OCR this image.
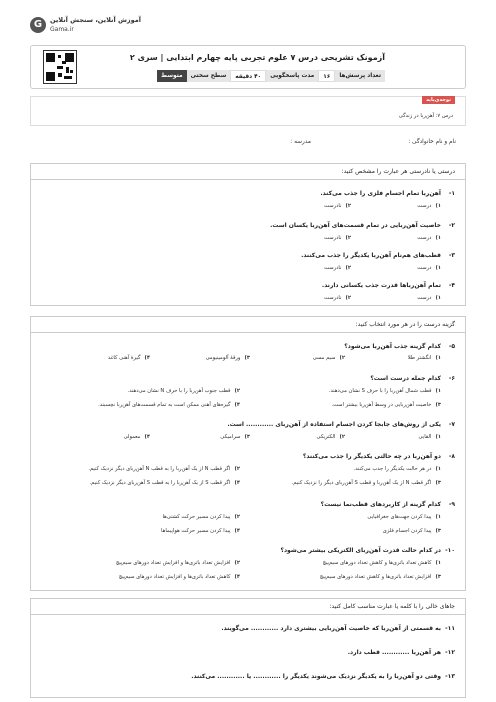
G	آموزش آنلاین، سنجش آنلاین
Gama.ir
آزمونک تشریحی درس ۷ علوم تجربی پایه چهارم ابتدایی | سری ۲
تعداد پرسش‌ها
۱۶
مدت پاسخگویی
۴۰ دقیقه
سطح سختی
متوسط
توجه‌ی‌پایه
درس ۷: آهن‌ربا در زندگی
نام و نام خانوادگی :
مدرسه :
درستی یا نادرستی هر عبارت را مشخص کنید:
۱-
آهن‌ربا تمام اجسام فلزی را جذب می‌کند.
۱)درست
۲)نادرست
۲-
خاصیت آهن‌ربایی در تمام قسمت‌های آهن‌ربا یکسان است.
۱)درست
۲)نادرست
۳-
قطب‌های هم‌نام آهن‌ربا یکدیگر را جذب می‌کنند.
۱)درست
۲)نادرست
۴-
تمام آهن‌رباها قدرت جذب یکسانی دارند.
۱)درست
۲)نادرست
گزینه درست را در هر مورد انتخاب کنید:
۵-
کدام گزینه جذب آهن‌ربا می‌شود؟
۱)انگشتر طلا
۲)سیم مسی
۳)ورقهٔ آلومینیومی
۴)گیرهٔ آهنی کاغذ
۶-
کدام جمله درست است؟
۱)قطب شمال آهن‌ربا را با حرف S نشان می‌دهند.
۲)قطب جنوب آهن‌ربا را با حرف N نشان می‌دهند.
۳)خاصیت آهن‌ربایی در وسط آهن‌ربا بیشتر است.
۴)گیره‌های آهنی ممکن است به تمام قسمت‌های آهن‌ربا نچسبند.
۷-
یکی از روش‌های جابجا کردن اجسام استفاده از آهن‌ربای ............ است.
۱)القایی
۲)الکتریکی
۳)سرامیکی
۴)معمولی
۸-
دو آهن‌ربا در چه حالتی یکدیگر را جذب می‌کنند؟
۱)در هر حالت یکدیگر را جذب می‌کنند.
۲)اگر قطب N از یک آهن‌ربا را به قطب N آهن‌ربای دیگر نزدیک کنیم.
۳)اگر قطب N از یک آهن‌ربا و قطب S آهن‌ربای دیگر را نزدیک کنیم.
۴)اگر قطب S از یک آهن‌ربا را به قطب S آهن‌ربای دیگر نزدیک کنیم.
۹-
کدام گزینه از کاربردهای قطب‌نما نیست؟
۱)پیدا کردن جهت‌های جغرافیایی
۲)پیدا کردن مسیر حرکت کشتی‌ها
۳)پیدا کردن اجسام فلزی
۴)پیدا کردن مسیر حرکت هواپیماها
۱۰-
در کدام حالت قدرت آهن‌ربای الکتریکی بیشتر می‌شود؟
۱)کاهش تعداد باتری‌ها و کاهش تعداد دورهای سیم‌پیچ
۲)افزایش تعداد باتری‌ها و افزایش تعداد دورهای سیم‌پیچ
۳)افزایش تعداد باتری‌ها و کاهش تعداد دورهای سیم‌پیچ
۴)کاهش تعداد باتری‌ها و افزایش تعداد دورهای سیم‌پیچ
جاهای خالی را با کلمه یا عبارت مناسب کامل کنید:
۱۱-
به قسمتی از آهن‌ربا که خاصیت آهن‌ربایی بیشتری دارد ............ می‌گویند.
۱۲-
هر آهن‌ربا ............ قطب دارد.
۱۳-
وقتی دو آهن‌ربا را به یکدیگر نزدیک می‌شوند یکدیگر را ............ یا ............ می‌کنند.
